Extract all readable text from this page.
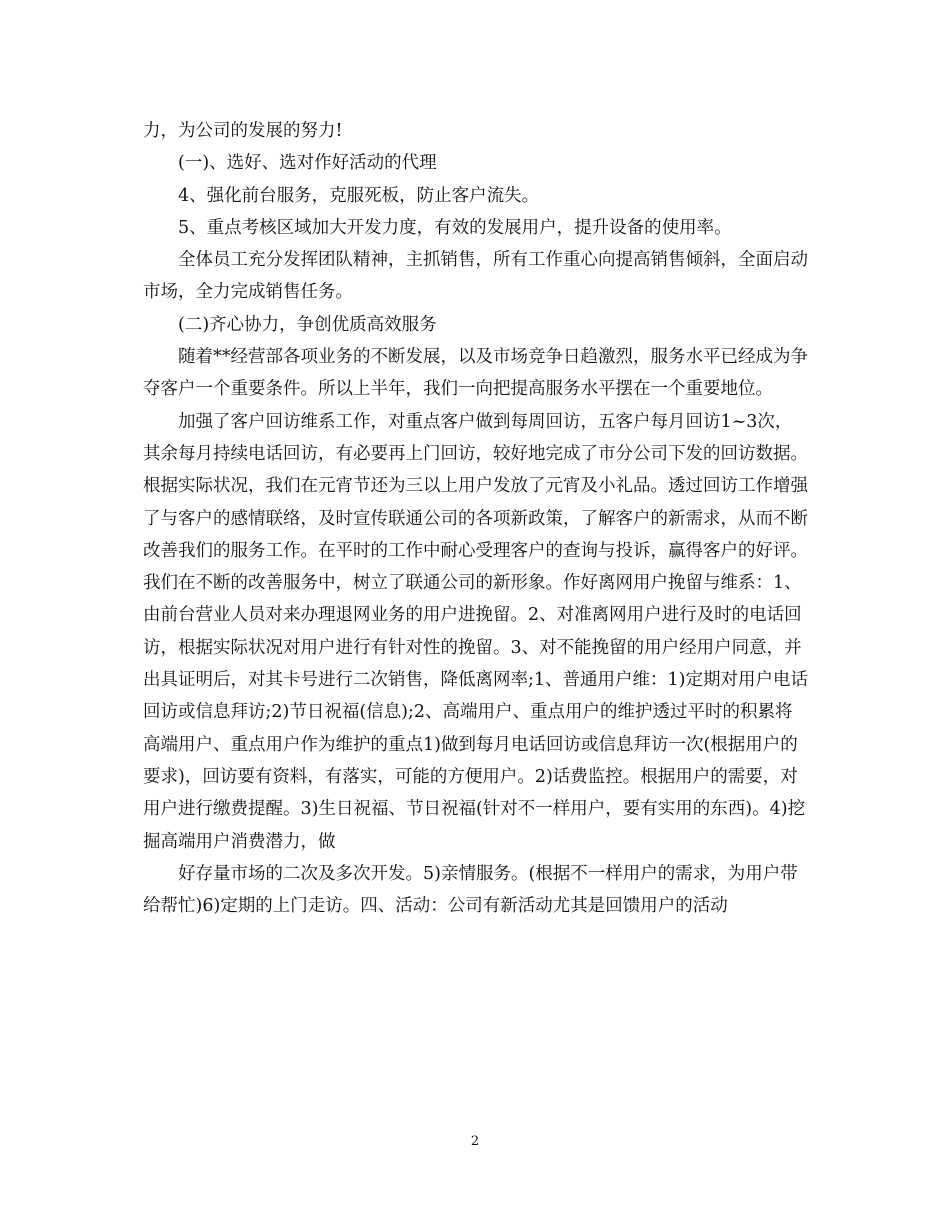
力，为公司的发展的努力!

(一)、选好、选对作好活动的代理

4、强化前台服务，克服死板，防止客户流失。

5、重点考核区域加大开发力度，有效的发展用户，提升设备的使用率。

全体员工充分发挥团队精神，主抓销售，所有工作重心向提高销售倾斜，全面启动市场，全力完成销售任务。

(二)齐心协力，争创优质高效服务

随着**经营部各项业务的不断发展，以及市场竞争日趋激烈，服务水平已经成为争夺客户一个重要条件。所以上半年，我们一向把提高服务水平摆在一个重要地位。

加强了客户回访维系工作，对重点客户做到每周回访，五客户每月回访1~3次，其余每月持续电话回访，有必要再上门回访，较好地完成了市分公司下发的回访数据。根据实际状况，我们在元宵节还为三以上用户发放了元宵及小礼品。透过回访工作增强了与客户的感情联络，及时宣传联通公司的各项新政策，了解客户的新需求，从而不断改善我们的服务工作。在平时的工作中耐心受理客户的查询与投诉，赢得客户的好评。我们在不断的改善服务中，树立了联通公司的新形象。作好离网用户挽留与维系：1、由前台营业人员对来办理退网业务的用户进挽留。2、对准离网用户进行及时的电话回访，根据实际状况对用户进行有针对性的挽留。3、对不能挽留的用户经用户同意，并出具证明后，对其卡号进行二次销售，降低离网率;1、普通用户维：1)定期对用户电话回访或信息拜访;2)节日祝福(信息);2、高端用户、重点用户的维护透过平时的积累将高端用户、重点用户作为维护的重点1)做到每月电话回访或信息拜访一次(根据用户的要求)，回访要有资料，有落实，可能的方便用户。2)话费监控。根据用户的需要，对用户进行缴费提醒。3)生日祝福、节日祝福(针对不一样用户，要有实用的东西)。4)挖掘高端用户消费潜力，做

好存量市场的二次及多次开发。5)亲情服务。(根据不一样用户的需求，为用户带给帮忙)6)定期的上门走访。四、活动：公司有新活动尤其是回馈用户的活动

2
